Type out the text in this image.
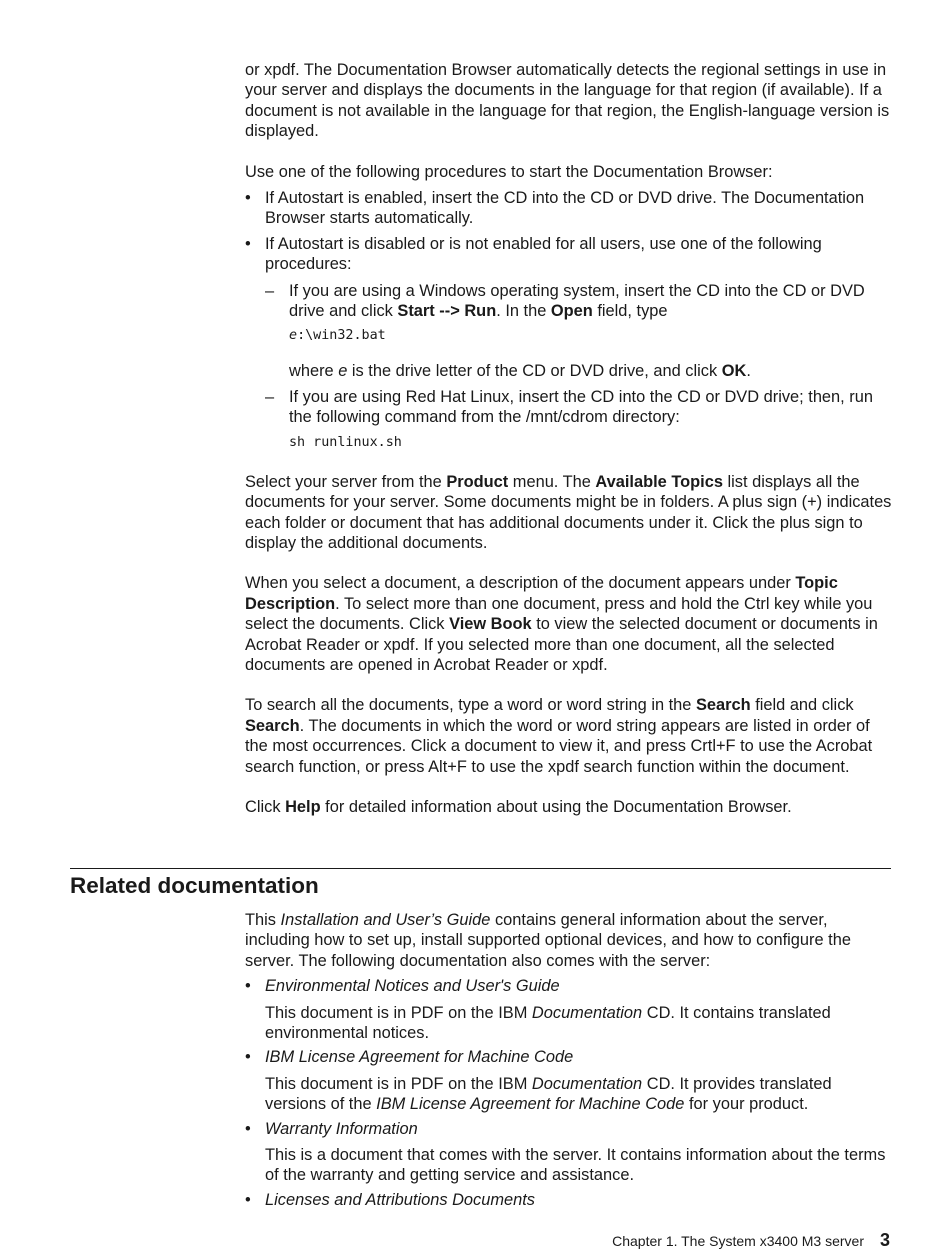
or xpdf. The Documentation Browser automatically detects the regional settings in use in your server and displays the documents in the language for that region (if available). If a document is not available in the language for that region, the English-language version is displayed.

Use one of the following procedures to start the Documentation Browser:

• If Autostart is enabled, insert the CD into the CD or DVD drive. The Documentation Browser starts automatically.
• If Autostart is disabled or is not enabled for all users, use one of the following procedures:
– If you are using a Windows operating system, insert the CD into the CD or DVD drive and click Start --> Run. In the Open field, type
e:\win32.bat

where e is the drive letter of the CD or DVD drive, and click OK.

– If you are using Red Hat Linux, insert the CD into the CD or DVD drive; then, run the following command from the /mnt/cdrom directory:
sh runlinux.sh

Select your server from the Product menu. The Available Topics list displays all the documents for your server. Some documents might be in folders. A plus sign (+) indicates each folder or document that has additional documents under it. Click the plus sign to display the additional documents.

When you select a document, a description of the document appears under Topic Description. To select more than one document, press and hold the Ctrl key while you select the documents. Click View Book to view the selected document or documents in Acrobat Reader or xpdf. If you selected more than one document, all the selected documents are opened in Acrobat Reader or xpdf.

To search all the documents, type a word or word string in the Search field and click Search. The documents in which the word or word string appears are listed in order of the most occurrences. Click a document to view it, and press Crtl+F to use the Acrobat search function, or press Alt+F to use the xpdf search function within the document.

Click Help for detailed information about using the Documentation Browser.

Related documentation

This Installation and User’s Guide contains general information about the server, including how to set up, install supported optional devices, and how to configure the server. The following documentation also comes with the server:

• Environmental Notices and User's Guide

This document is in PDF on the IBM Documentation CD. It contains translated environmental notices.

• IBM License Agreement for Machine Code

This document is in PDF on the IBM Documentation CD. It provides translated versions of the IBM License Agreement for Machine Code for your product.

• Warranty Information

This is a document that comes with the server. It contains information about the terms of the warranty and getting service and assistance.

• Licenses and Attributions Documents
Chapter 1. The System x3400 M3 server 3
